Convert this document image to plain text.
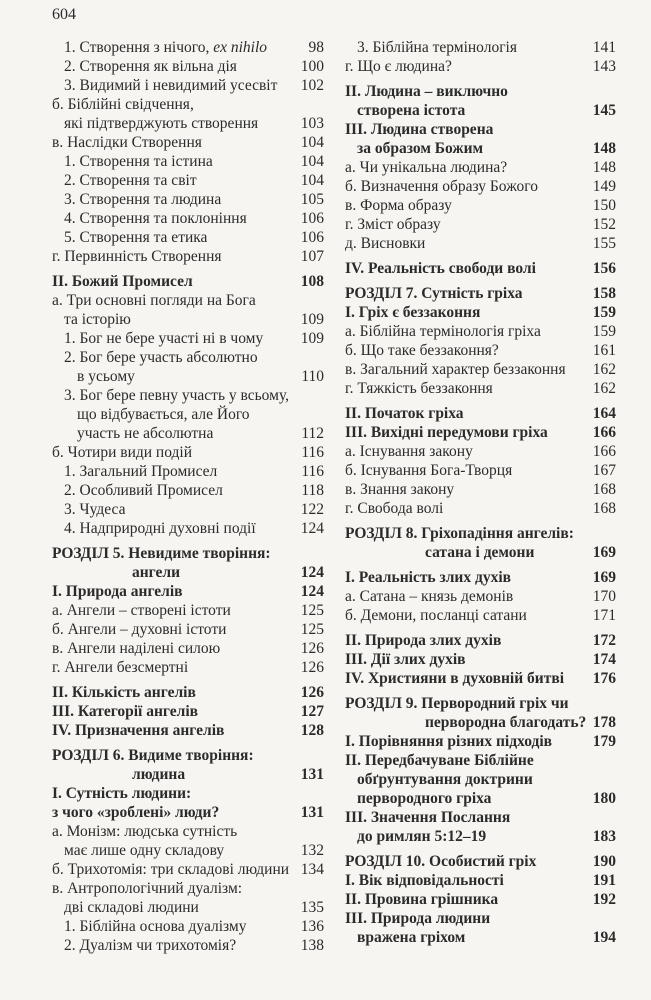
604
1. Створення з нічого, ex nihilo	98
2. Створення як вільна дія	100
3. Видимий і невидимий усесвіт	102
б. Біблійні свідчення,
які підтверджують створення	103
в. Наслідки Створення	104
1. Створення та істина	104
2. Створення та світ	104
3. Створення та людина	105
4. Створення та поклоніння	106
5. Створення та етика	106
г. Первинність Створення	107
II. Божий Промисел	108
а. Три основні погляди на Бога
та історію	109
1. Бог не бере участі ні в чому	109
2. Бог бере участь абсолютно
в усьому	110
3. Бог бере певну участь у всьому,
що відбувається, але Його
участь не абсолютна	112
б. Чотири види подій	116
1. Загальний Промисел	116
2. Особливий Промисел	118
3. Чудеса	122
4. Надприродні духовні події	124
РОЗДІЛ 5. Невидиме творіння:
ангели	124
I. Природа ангелів	124
а. Ангели – створені істоти	125
б. Ангели – духовні істоти	125
в. Ангели наділені силою	126
г. Ангели безсмертні	126
II. Кількість ангелів	126
III. Категорії ангелів	127
IV. Призначення ангелів	128
РОЗДІЛ 6. Видиме творіння:
людина	131
I. Сутність людини:
з чого «зроблені» люди?	131
а. Монізм: людська сутність
має лише одну складову	132
б. Трихотомія: три складові людини 134
в. Антропологічний дуалізм:
дві складові людини	135
1. Біблійна основа дуалізму	136
2. Дуалізм чи трихотомія?	138
3. Біблійна термінологія	141
г. Що є людина?	143
II. Людина – виключно
створена істота	145
III. Людина створена
за образом Божим	148
а. Чи унікальна людина?	148
б. Визначення образу Божого	149
в. Форма образу	150
г. Зміст образу	152
д. Висновки	155
IV. Реальність свободи волі	156
РОЗДІЛ 7. Сутність гріха	158
I. Гріх є беззаконня	159
а. Біблійна термінологія гріха	159
б. Що таке беззаконня?	161
в. Загальний характер беззаконня	162
г. Тяжкість беззаконня	162
II. Початок гріха	164
III. Вихідні передумови гріха	166
а. Існування закону	166
б. Існування Бога-Творця	167
в. Знання закону	168
г. Свобода волі	168
РОЗДІЛ 8. Гріхопадіння ангелів:
сатана і демони	169
I. Реальність злих духів	169
а. Сатана – князь демонів	170
б. Демони, посланці сатани	171
II. Природа злих духів	172
III. Дії злих духів	174
IV. Християни в духовній битві	176
РОЗДІЛ 9. Первородний гріх чи
первородна благодать? 178
I. Порівняння різних підходів	179
II. Передбачуване Біблійне
обґрунтування доктрини
первородного гріха	180
III. Значення Послання
до римлян 5:12–19	183
РОЗДІЛ 10. Особистий гріх	190
I. Вік відповідальності	191
II. Провина грішника	192
III. Природа людини
вражена гріхом	194
